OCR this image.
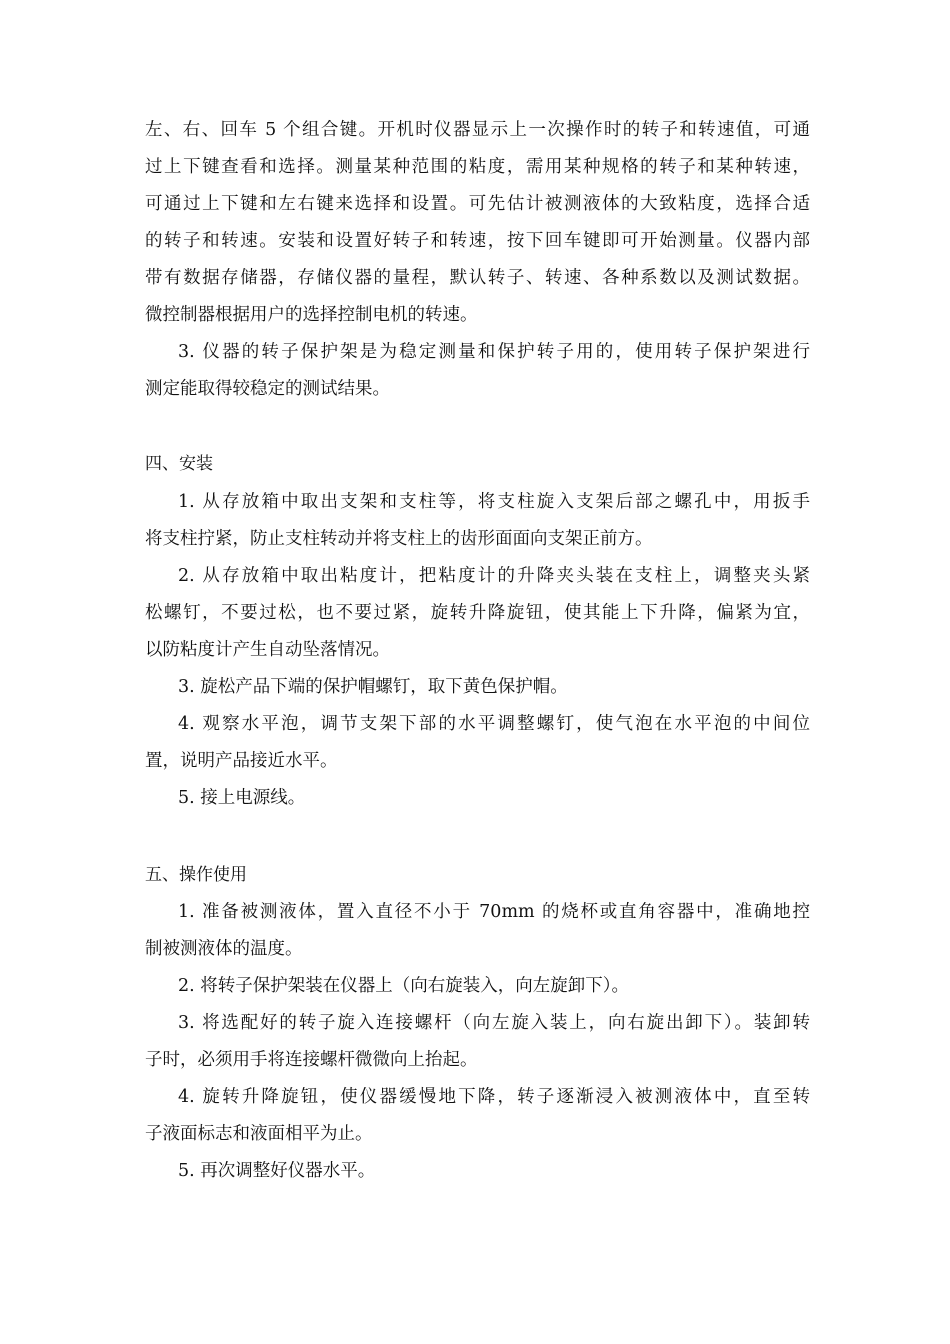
左、右、回车 5 个组合键。开机时仪器显示上一次操作时的转子和转速值，可通
过上下键查看和选择。测量某种范围的粘度，需用某种规格的转子和某种转速，
可通过上下键和左右键来选择和设置。可先估计被测液体的大致粘度，选择合适
的转子和转速。安装和设置好转子和转速，按下回车键即可开始测量。仪器内部
带有数据存储器，存储仪器的量程，默认转子、转速、各种系数以及测试数据。
微控制器根据用户的选择控制电机的转速。
3. 仪器的转子保护架是为稳定测量和保护转子用的，使用转子保护架进行
测定能取得较稳定的测试结果。
四、安装
1. 从存放箱中取出支架和支柱等，将支柱旋入支架后部之螺孔中，用扳手
将支柱拧紧，防止支柱转动并将支柱上的齿形面面向支架正前方。
2. 从存放箱中取出粘度计，把粘度计的升降夹头装在支柱上，调整夹头紧
松螺钉，不要过松，也不要过紧，旋转升降旋钮，使其能上下升降，偏紧为宜，
以防粘度计产生自动坠落情况。
3. 旋松产品下端的保护帽螺钉，取下黄色保护帽。
4. 观察水平泡，调节支架下部的水平调整螺钉，使气泡在水平泡的中间位
置，说明产品接近水平。
5. 接上电源线。
五、操作使用
1. 准备被测液体，置入直径不小于 70mm 的烧杯或直角容器中，准确地控
制被测液体的温度。
2. 将转子保护架装在仪器上（向右旋装入，向左旋卸下）。
3. 将选配好的转子旋入连接螺杆（向左旋入装上，向右旋出卸下）。装卸转
子时，必须用手将连接螺杆微微向上抬起。
4. 旋转升降旋钮，使仪器缓慢地下降，转子逐渐浸入被测液体中，直至转
子液面标志和液面相平为止。
5. 再次调整好仪器水平。
